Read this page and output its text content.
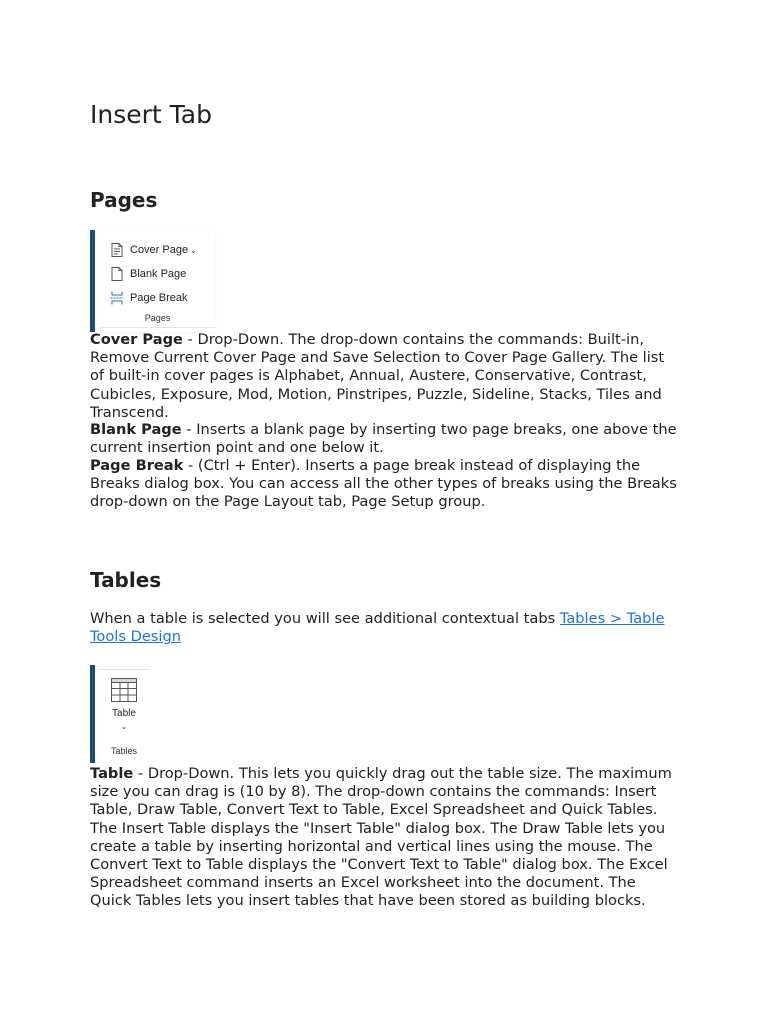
Insert Tab
Pages
Cover Page ⌄
Blank Page
Page Break
Pages

Cover Page - Drop-Down. The drop-down contains the commands: Built-in, Remove Current Cover Page and Save Selection to Cover Page Gallery. The list of built-in cover pages is Alphabet, Annual, Austere, Conservative, Contrast, Cubicles, Exposure, Mod, Motion, Pinstripes, Puzzle, Sideline, Stacks, Tiles and Transcend.

Blank Page - Inserts a blank page by inserting two page breaks, one above the current insertion point and one below it.

Page Break - (Ctrl + Enter). Inserts a page break instead of displaying the Breaks dialog box. You can access all the other types of breaks using the Breaks drop-down on the Page Layout tab, Page Setup group.

Tables

When a table is selected you will see additional contextual tabs Tables > Table Tools Design

Table
⌄
Tables

Table - Drop-Down. This lets you quickly drag out the table size. The maximum size you can drag is (10 by 8). The drop-down contains the commands: Insert Table, Draw Table, Convert Text to Table, Excel Spreadsheet and Quick Tables. The Insert Table displays the "Insert Table" dialog box. The Draw Table lets you create a table by inserting horizontal and vertical lines using the mouse. The Convert Text to Table displays the "Convert Text to Table" dialog box. The Excel Spreadsheet command inserts an Excel worksheet into the document. The Quick Tables lets you insert tables that have been stored as building blocks.
